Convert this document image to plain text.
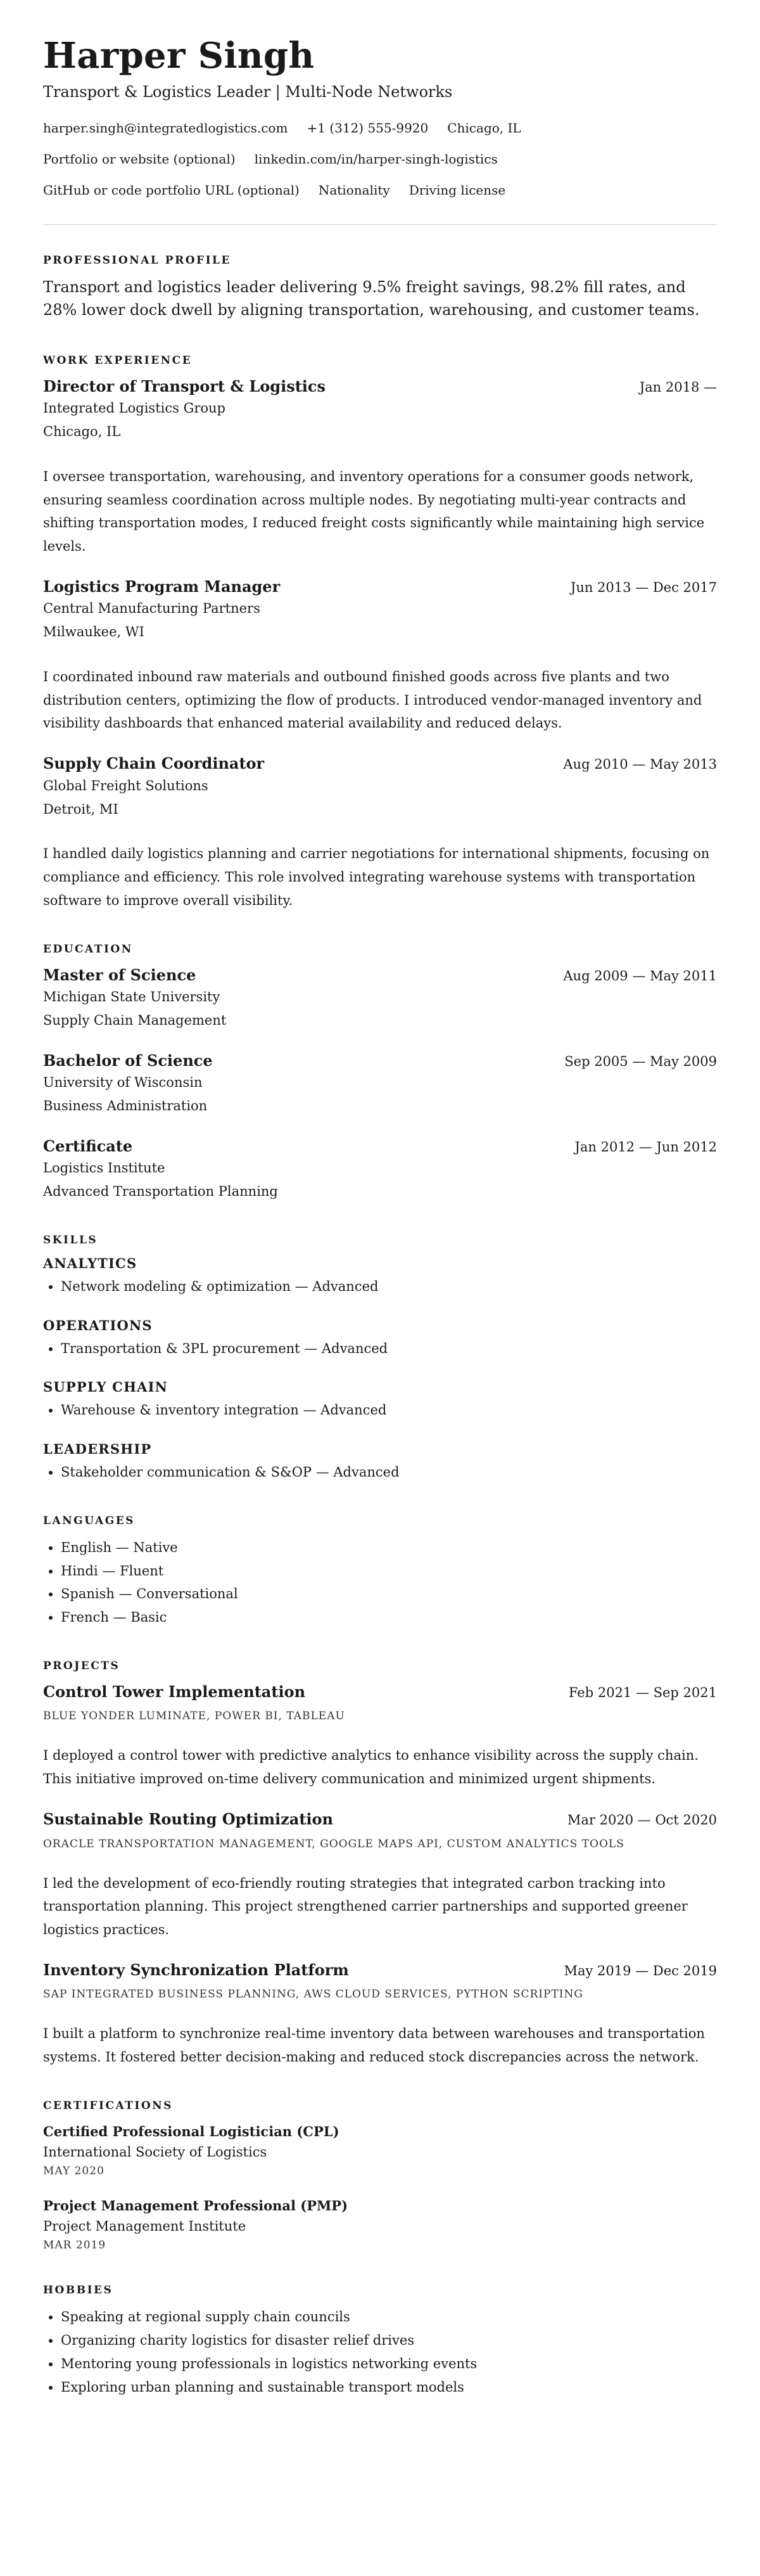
Harper Singh
Transport & Logistics Leader | Multi-Node Networks
harper.singh@integratedlogistics.com +1 (312) 555-9920 Chicago, IL
Portfolio or website (optional) linkedin.com/in/harper-singh-logistics
GitHub or code portfolio URL (optional) Nationality Driving license
PROFESSIONAL PROFILE

Transport and logistics leader delivering 9.5% freight savings, 98.2% fill rates, and 28% lower dock dwell by aligning transportation, warehousing, and customer teams.

WORK EXPERIENCE
Director of Transport & Logistics	Jan 2018 —
Integrated Logistics Group
Chicago, IL

I oversee transportation, warehousing, and inventory operations for a consumer goods network, ensuring seamless coordination across multiple nodes. By negotiating multi-year contracts and shifting transportation modes, I reduced freight costs significantly while maintaining high service levels.

Logistics Program Manager	Jun 2013 — Dec 2017
Central Manufacturing Partners
Milwaukee, WI

I coordinated inbound raw materials and outbound finished goods across five plants and two distribution centers, optimizing the flow of products. I introduced vendor-managed inventory and visibility dashboards that enhanced material availability and reduced delays.

Supply Chain Coordinator	Aug 2010 — May 2013
Global Freight Solutions
Detroit, MI

I handled daily logistics planning and carrier negotiations for international shipments, focusing on compliance and efficiency. This role involved integrating warehouse systems with transportation software to improve overall visibility.

EDUCATION
Master of Science	Aug 2009 — May 2011
Michigan State University
Supply Chain Management
Bachelor of Science	Sep 2005 — May 2009
University of Wisconsin
Business Administration
Certificate	Jan 2012 — Jun 2012
Logistics Institute
Advanced Transportation Planning
SKILLS
ANALYTICS
• Network modeling & optimization — Advanced
OPERATIONS
• Transportation & 3PL procurement — Advanced
SUPPLY CHAIN
• Warehouse & inventory integration — Advanced
LEADERSHIP
• Stakeholder communication & S&OP — Advanced
LANGUAGES
• English — Native
• Hindi — Fluent
• Spanish — Conversational
• French — Basic
PROJECTS
Control Tower Implementation	Feb 2021 — Sep 2021
BLUE YONDER LUMINATE, POWER BI, TABLEAU

I deployed a control tower with predictive analytics to enhance visibility across the supply chain. This initiative improved on-time delivery communication and minimized urgent shipments.

Sustainable Routing Optimization	Mar 2020 — Oct 2020
ORACLE TRANSPORTATION MANAGEMENT, GOOGLE MAPS API, CUSTOM ANALYTICS TOOLS

I led the development of eco-friendly routing strategies that integrated carbon tracking into transportation planning. This project strengthened carrier partnerships and supported greener logistics practices.

Inventory Synchronization Platform	May 2019 — Dec 2019
SAP INTEGRATED BUSINESS PLANNING, AWS CLOUD SERVICES, PYTHON SCRIPTING

I built a platform to synchronize real-time inventory data between warehouses and transportation systems. It fostered better decision-making and reduced stock discrepancies across the network.

CERTIFICATIONS
Certified Professional Logistician (CPL)
International Society of Logistics
MAY 2020
Project Management Professional (PMP)
Project Management Institute
MAR 2019
HOBBIES
• Speaking at regional supply chain councils
• Organizing charity logistics for disaster relief drives
• Mentoring young professionals in logistics networking events
• Exploring urban planning and sustainable transport models
